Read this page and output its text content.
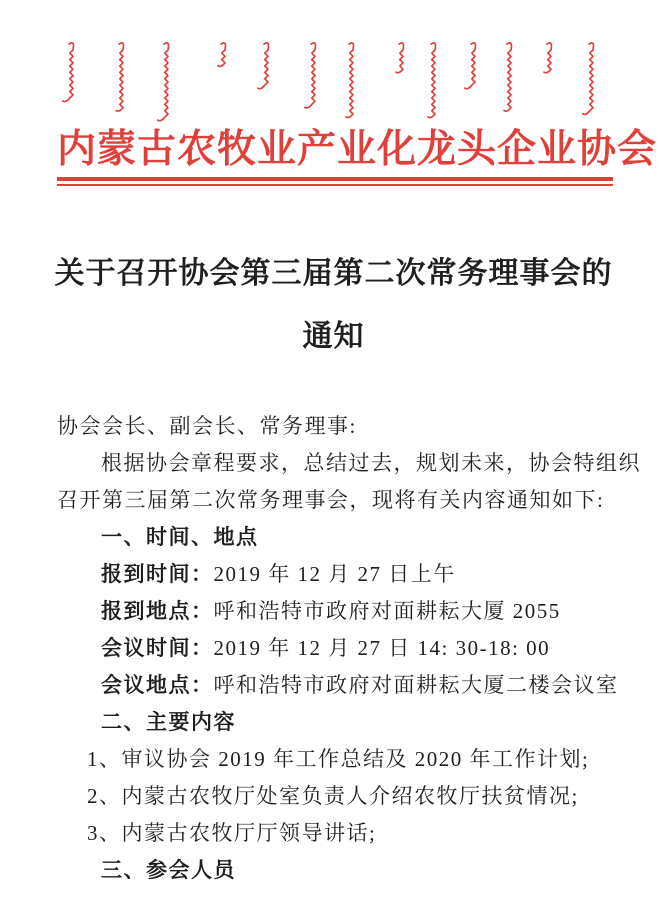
内蒙古农牧业产业化龙头企业协会
关于召开协会第三届第二次常务理事会的
通知
协会会长、副会长、常务理事:
根据协会章程要求，总结过去，规划未来，协会特组织
召开第三届第二次常务理事会，现将有关内容通知如下:
一、时间、地点
报到时间：2019 年 12 月 27 日上午
报到地点：呼和浩特市政府对面耕耘大厦 2055
会议时间：2019 年 12 月 27 日 14: 30-18: 00
会议地点：呼和浩特市政府对面耕耘大厦二楼会议室
二、主要内容
1、审议协会 2019 年工作总结及 2020 年工作计划;
2、内蒙古农牧厅处室负责人介绍农牧厅扶贫情况;
3、内蒙古农牧厅厅领导讲话;
三、参会人员
